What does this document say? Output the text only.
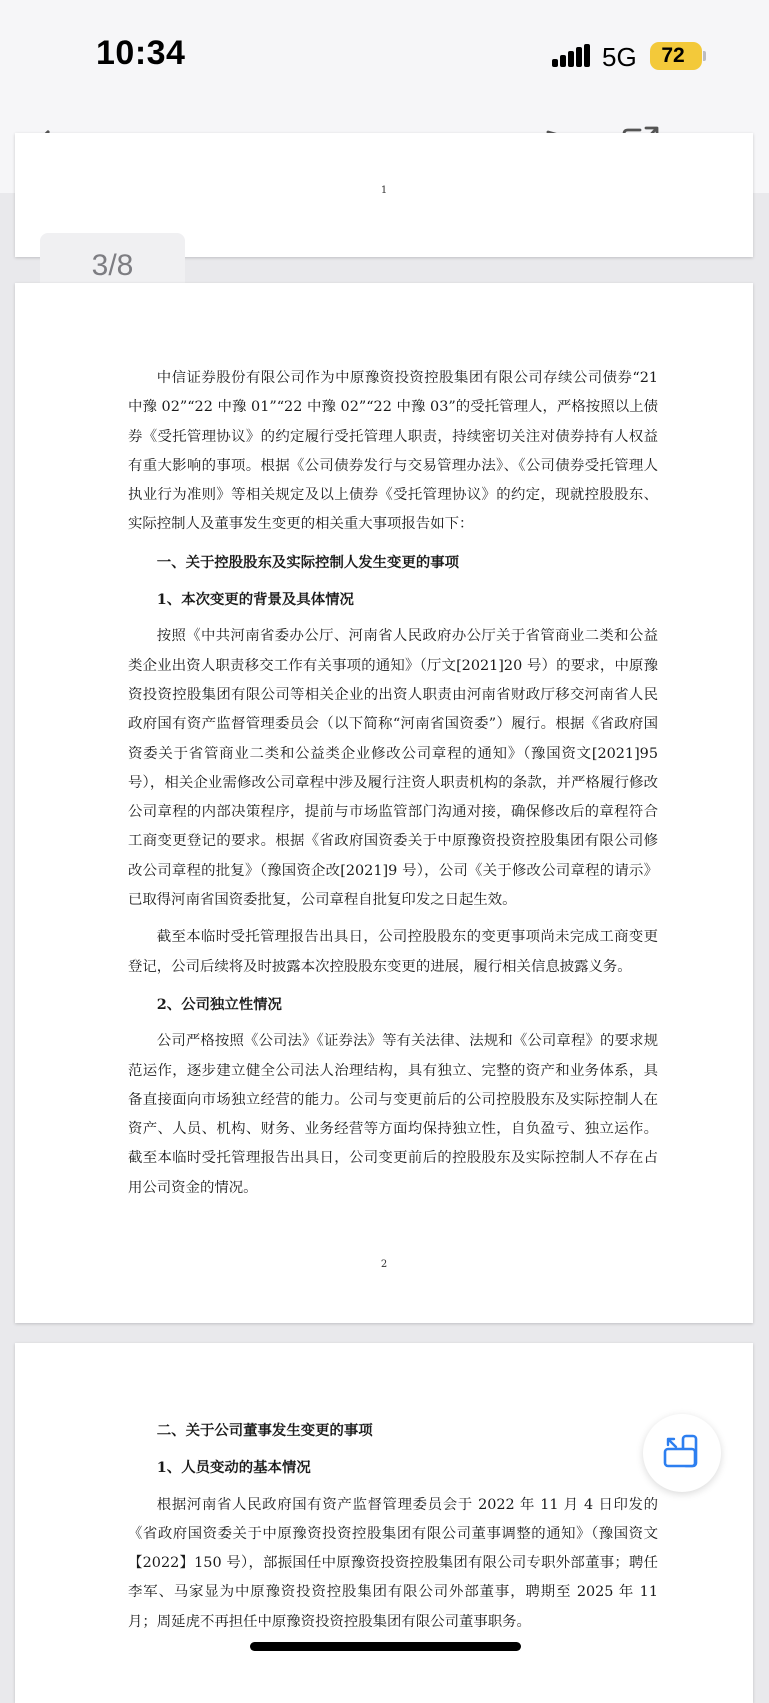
10:34	5G	72
1
3/8

中信证券股份有限公司作为中原豫资投资控股集团有限公司存续公司债券“21 中豫 02”“22 中豫 01”“22 中豫 02”“22 中豫 03”的受托管理人，严格按照以上债券《受托管理协议》的约定履行受托管理人职责，持续密切关注对债券持有人权益有重大影响的事项。根据《公司债券发行与交易管理办法》、《公司债券受托管理人执业行为准则》等相关规定及以上债券《受托管理协议》的约定，现就控股股东、实际控制人及董事发生变更的相关重大事项报告如下：

一、关于控股股东及实际控制人发生变更的事项

1、本次变更的背景及具体情况

按照《中共河南省委办公厅、河南省人民政府办公厅关于省管商业二类和公益类企业出资人职责移交工作有关事项的通知》（厅文[2021]20 号）的要求，中原豫资投资控股集团有限公司等相关企业的出资人职责由河南省财政厅移交河南省人民政府国有资产监督管理委员会（以下简称“河南省国资委”）履行。根据《省政府国资委关于省管商业二类和公益类企业修改公司章程的通知》（豫国资文[2021]95 号），相关企业需修改公司章程中涉及履行注资人职责机构的条款，并严格履行修改公司章程的内部决策程序，提前与市场监管部门沟通对接，确保修改后的章程符合工商变更登记的要求。根据《省政府国资委关于中原豫资投资控股集团有限公司修改公司章程的批复》（豫国资企改[2021]9 号），公司《关于修改公司章程的请示》已取得河南省国资委批复，公司章程自批复印发之日起生效。

截至本临时受托管理报告出具日，公司控股股东的变更事项尚未完成工商变更登记，公司后续将及时披露本次控股股东变更的进展，履行相关信息披露义务。

2、公司独立性情况

公司严格按照《公司法》《证券法》等有关法律、法规和《公司章程》的要求规范运作，逐步建立健全公司法人治理结构，具有独立、完整的资产和业务体系，具备直接面向市场独立经营的能力。公司与变更前后的公司控股股东及实际控制人在资产、人员、机构、财务、业务经营等方面均保持独立性，自负盈亏、独立运作。截至本临时受托管理报告出具日，公司变更前后的控股股东及实际控制人不存在占用公司资金的情况。

2

二、关于公司董事发生变更的事项

1、人员变动的基本情况

根据河南省人民政府国有资产监督管理委员会于 2022 年 11 月 4 日印发的《省政府国资委关于中原豫资投资控股集团有限公司董事调整的通知》（豫国资文【2022】150 号），部振国任中原豫资投资控股集团有限公司专职外部董事；聘任李军、马家显为中原豫资投资控股集团有限公司外部董事，聘期至 2025 年 11 月；周延虎不再担任中原豫资投资控股集团有限公司董事职务。
